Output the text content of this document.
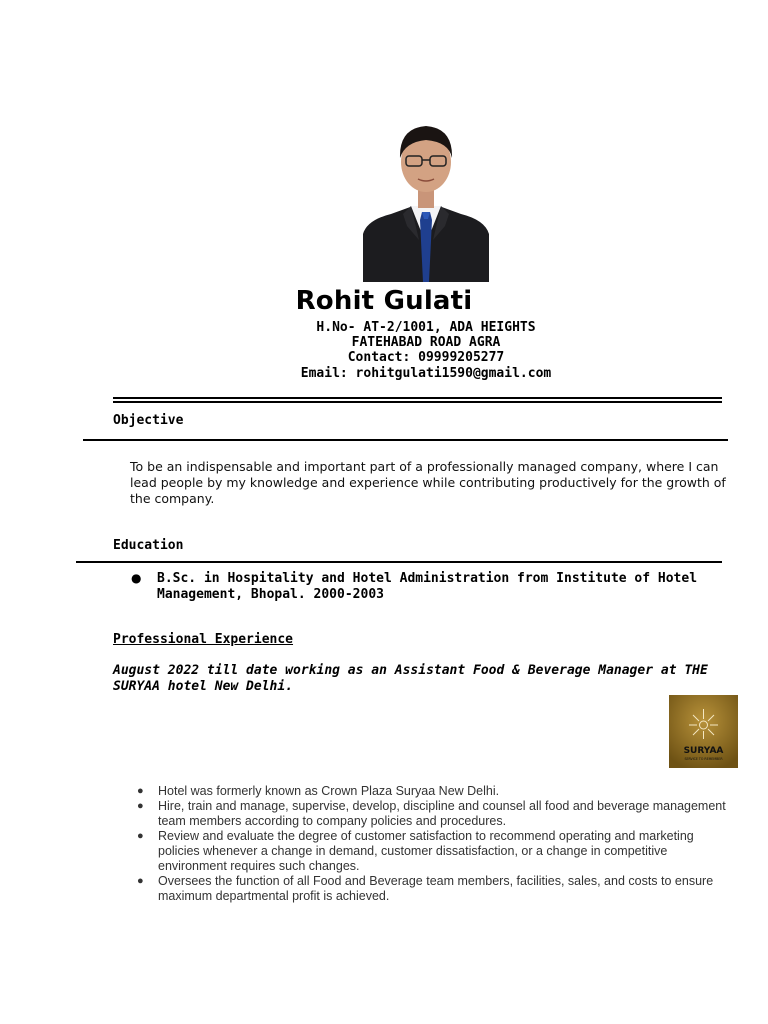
Rohit Gulati
H.No- AT-2/1001, ADA HEIGHTS
FATEHABAD ROAD AGRA
Contact: 09999205277
Email: rohitgulati1590@gmail.com
Objective
To be an indispensable and important part of a professionally managed company, where I can lead people by my knowledge and experience while contributing productively for the growth of the company.
Education
● B.Sc. in Hospitality and Hotel Administration from Institute of Hotel Management, Bhopal. 2000-2003
Professional Experience
August 2022 till date working as an Assistant Food & Beverage Manager at THE SURYAA hotel New Delhi.
SURYAA
SERVICE TO REMEMBER
● Hotel was formerly known as Crown Plaza Suryaa New Delhi.
● Hire, train and manage, supervise, develop, discipline and counsel all food and beverage management team members according to company policies and procedures.
● Review and evaluate the degree of customer satisfaction to recommend operating and marketing policies whenever a change in demand, customer dissatisfaction, or a change in competitive environment requires such changes.
● Oversees the function of all Food and Beverage team members, facilities, sales, and costs to ensure maximum departmental profit is achieved.
